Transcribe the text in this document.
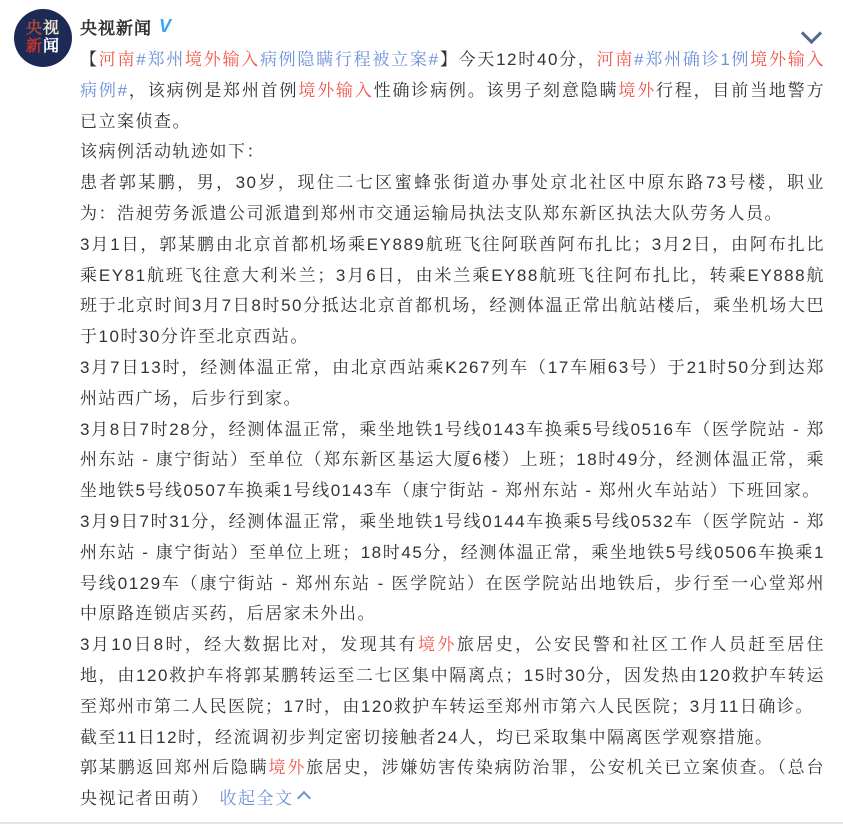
央视
新闻
央视新闻 V
【河南#郑州境外输入病例隐瞒行程被立案#】今天12时40分，河南#郑州确诊1例境外输入病例#，该病例是郑州首例境外输入性确诊病例。该男子刻意隐瞒境外行程，目前当地警方已立案侦查。
该病例活动轨迹如下：
患者郭某鹏，男，30岁，现住二七区蜜蜂张街道办事处京北社区中原东路73号楼，职业为：浩昶劳务派遣公司派遣到郑州市交通运输局执法支队郑东新区执法大队劳务人员。
3月1日，郭某鹏由北京首都机场乘EY889航班飞往阿联酋阿布扎比；3月2日，由阿布扎比乘EY81航班飞往意大利米兰；3月6日，由米兰乘EY88航班飞往阿布扎比，转乘EY888航班于北京时间3月7日8时50分抵达北京首都机场，经测体温正常出航站楼后，乘坐机场大巴于10时30分许至北京西站。
3月7日13时，经测体温正常，由北京西站乘K267列车（17车厢63号）于21时50分到达郑州站西广场，后步行到家。
3月8日7时28分，经测体温正常，乘坐地铁1号线0143车换乘5号线0516车（医学院站 - 郑州东站 - 康宁街站）至单位（郑东新区基运大厦6楼）上班；18时49分，经测体温正常，乘坐地铁5号线0507车换乘1号线0143车（康宁街站 - 郑州东站 - 郑州火车站站）下班回家。
3月9日7时31分，经测体温正常，乘坐地铁1号线0144车换乘5号线0532车（医学院站 - 郑州东站 - 康宁街站）至单位上班；18时45分，经测体温正常，乘坐地铁5号线0506车换乘1号线0129车（康宁街站 - 郑州东站 - 医学院站）在医学院站出地铁后，步行至一心堂郑州中原路连锁店买药，后居家未外出。
3月10日8时，经大数据比对，发现其有境外旅居史，公安民警和社区工作人员赶至居住地，由120救护车将郭某鹏转运至二七区集中隔离点；15时30分，因发热由120救护车转运至郑州市第二人民医院；17时，由120救护车转运至郑州市第六人民医院；3月11日确诊。
截至11日12时，经流调初步判定密切接触者24人，均已采取集中隔离医学观察措施。
郭某鹏返回郑州后隐瞒境外旅居史，涉嫌妨害传染病防治罪，公安机关已立案侦查。（总台央视记者田萌） 收起全文
